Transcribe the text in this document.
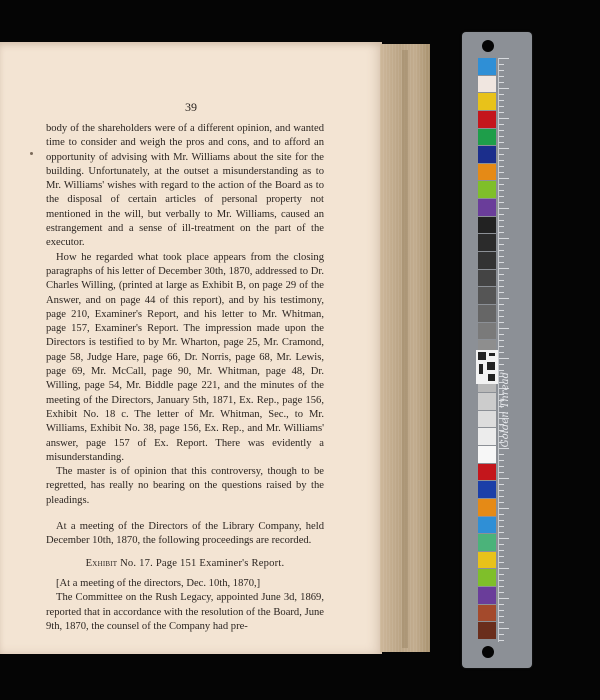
39

body of the shareholders were of a different opinion, and wanted time to consider and weigh the pros and cons, and to afford an opportunity of advising with Mr. Williams about the site for the building. Unfortunately, at the outset a misunderstanding as to Mr. Williams' wishes with regard to the action of the Board as to the disposal of certain articles of personal property not mentioned in the will, but verbally to Mr. Williams, caused an estrangement and a sense of ill-treatment on the part of the executor.

How he regarded what took place appears from the closing paragraphs of his letter of December 30th, 1870, addressed to Dr. Charles Willing, (printed at large as Exhibit B, on page 29 of the Answer, and on page 44 of this report), and by his testimony, page 210, Examiner's Report, and his letter to Mr. Whitman, page 157, Examiner's Report. The impression made upon the Directors is testified to by Mr. Wharton, page 25, Mr. Cramond, page 58, Judge Hare, page 66, Dr. Norris, page 68, Mr. Lewis, page 69, Mr. McCall, page 90, Mr. Whitman, page 48, Dr. Willing, page 54, Mr. Biddle page 221, and the minutes of the meeting of the Directors, January 5th, 1871, Ex. Rep., page 156, Exhibit No. 18 c. The letter of Mr. Whitman, Sec., to Mr. Williams, Exhibit No. 38, page 156, Ex. Rep., and Mr. Williams' answer, page 157 of Ex. Report. There was evidently a misunderstanding.

The master is of opinion that this controversy, though to be regretted, has really no bearing on the questions raised by the pleadings.

At a meeting of the Directors of the Library Company, held December 10th, 1870, the following proceedings are recorded.

Exhibit No. 17. Page 151 Examiner's Report.

[At a meeting of the directors, Dec. 10th, 1870,]

The Committee on the Rush Legacy, appointed June 3d, 1869, reported that in accordance with the resolution of the Board, June 9th, 1870, the counsel of the Company had pre-

Golden Thread
